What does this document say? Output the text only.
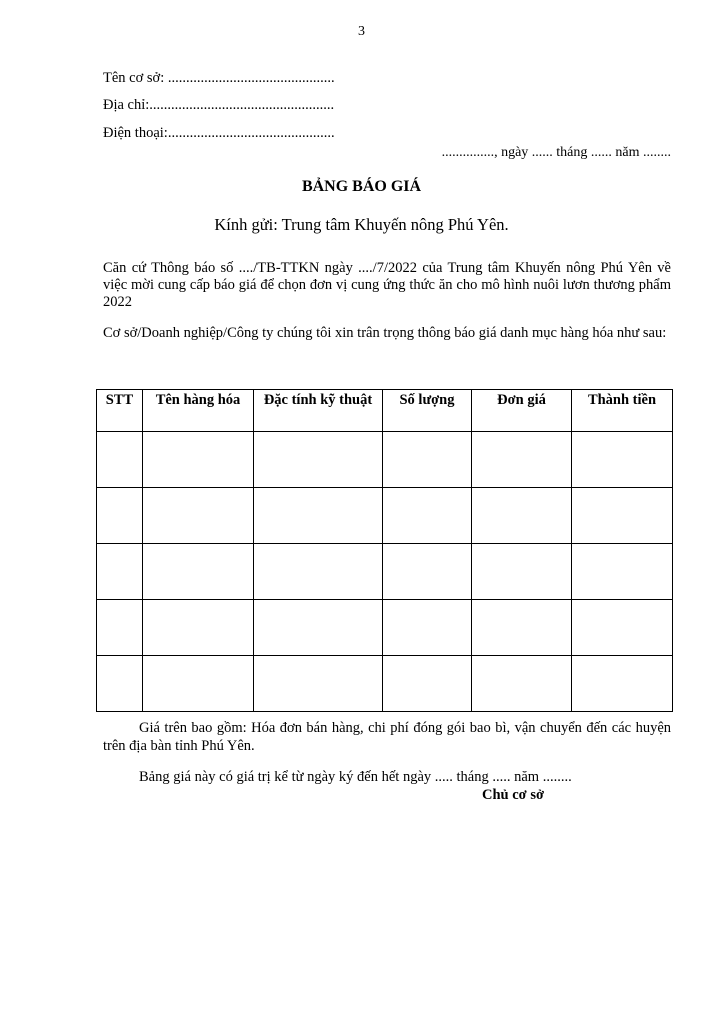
3
Tên cơ sở: ..............................................
Địa chỉ:...................................................
Điện thoại:..............................................
..............., ngày ...... tháng ...... năm ........
BẢNG BÁO GIÁ
Kính gửi: Trung tâm Khuyến nông Phú Yên.
Căn cứ Thông báo số ..../TB-TTKN ngày ..../7/2022 của Trung tâm Khuyến nông Phú Yên về việc mời cung cấp báo giá để chọn đơn vị cung ứng thức ăn cho mô hình nuôi lươn thương phẩm 2022
Cơ sở/Doanh nghiệp/Công ty chúng tôi xin trân trọng thông báo giá danh mục hàng hóa như sau:
STT	Tên hàng hóa	Đặc tính kỹ thuật	Số lượng	Đơn giá	Thành tiền

Giá trên bao gồm: Hóa đơn bán hàng, chi phí đóng gói bao bì, vận chuyển đến các huyện trên địa bàn tỉnh Phú Yên.
Bảng giá này có giá trị kể từ ngày ký đến hết ngày ..... tháng ..... năm ........
Chủ cơ sở
